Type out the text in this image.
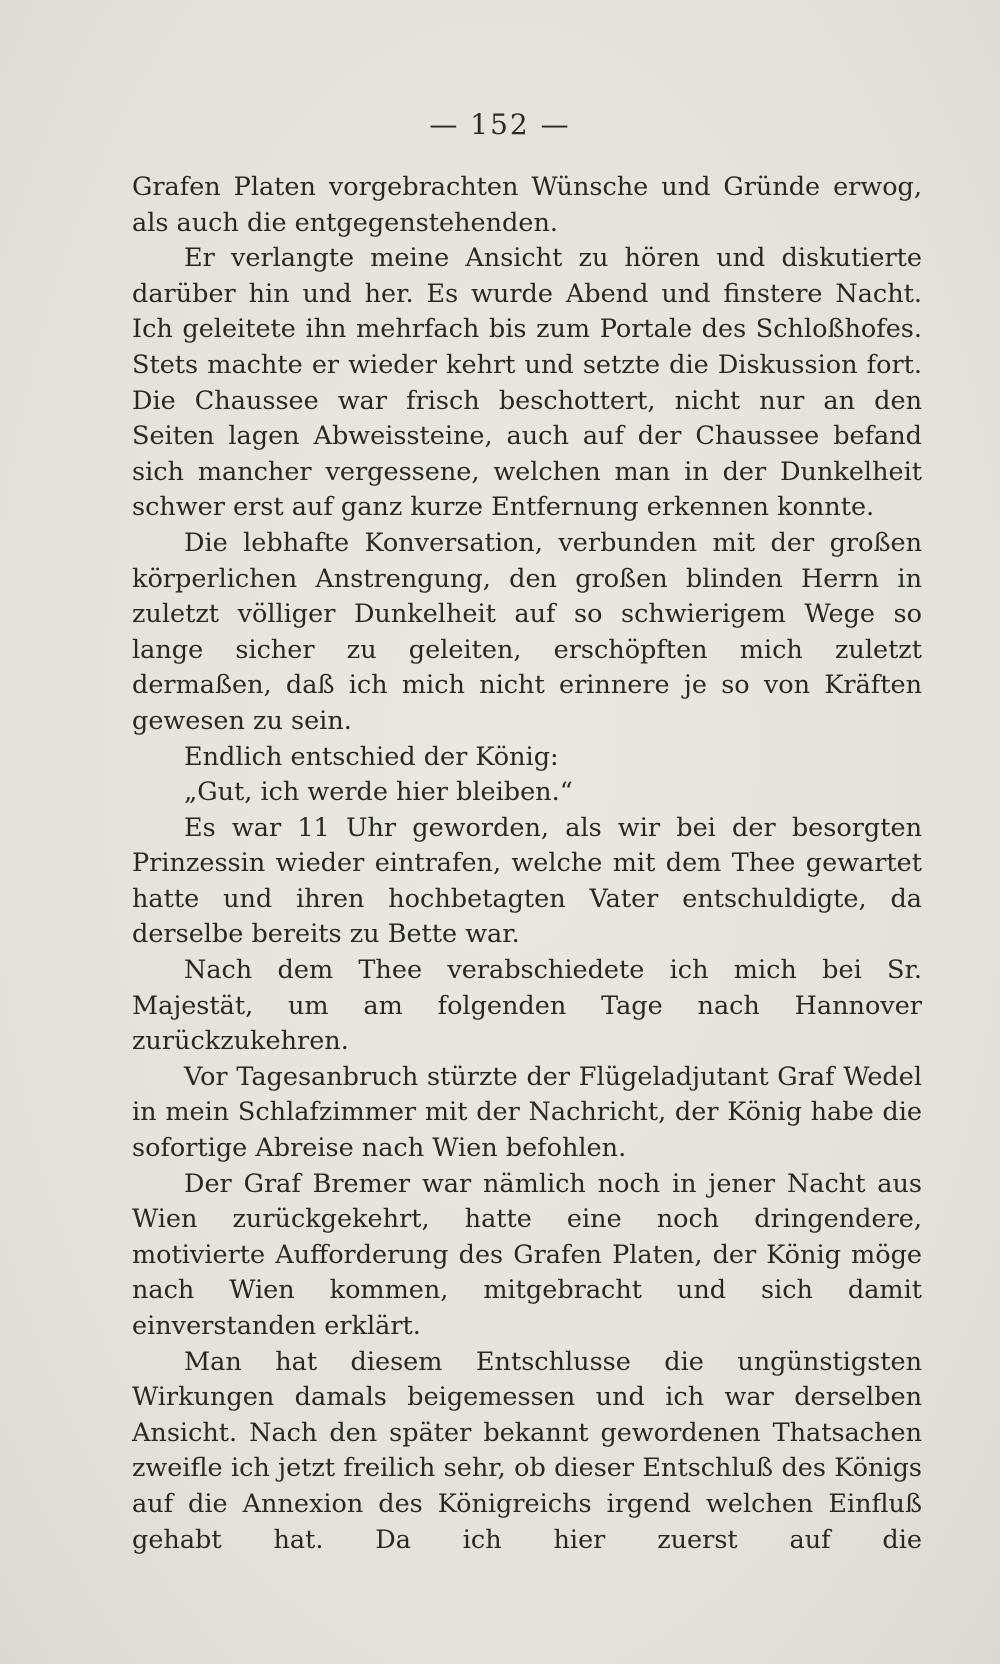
— 152 —

Grafen Platen vorgebrachten Wünsche und Gründe erwog, als auch die entgegenstehenden.

Er verlangte meine Ansicht zu hören und diskutierte darüber hin und her. Es wurde Abend und finstere Nacht. Ich geleitete ihn mehrfach bis zum Portale des Schloßhofes. Stets machte er wieder kehrt und setzte die Diskussion fort. Die Chaussee war frisch beschottert, nicht nur an den Seiten lagen Abweissteine, auch auf der Chaussee befand sich mancher vergessene, welchen man in der Dunkelheit schwer erst auf ganz kurze Entfernung erkennen konnte.

Die lebhafte Konversation, verbunden mit der großen körperlichen Anstrengung, den großen blinden Herrn in zuletzt völliger Dunkelheit auf so schwierigem Wege so lange sicher zu geleiten, erschöpften mich zuletzt dermaßen, daß ich mich nicht erinnere je so von Kräften gewesen zu sein.

Endlich entschied der König:

„Gut, ich werde hier bleiben.“

Es war 11 Uhr geworden, als wir bei der besorgten Prinzessin wieder eintrafen, welche mit dem Thee gewartet hatte und ihren hochbetagten Vater entschuldigte, da derselbe bereits zu Bette war.

Nach dem Thee verabschiedete ich mich bei Sr. Majestät, um am folgenden Tage nach Hannover zurückzukehren.

Vor Tagesanbruch stürzte der Flügeladjutant Graf Wedel in mein Schlafzimmer mit der Nachricht, der König habe die sofortige Abreise nach Wien befohlen.

Der Graf Bremer war nämlich noch in jener Nacht aus Wien zurückgekehrt, hatte eine noch dringendere, motivierte Aufforderung des Grafen Platen, der König möge nach Wien kommen, mitgebracht und sich damit einverstanden erklärt.

Man hat diesem Entschlusse die ungünstigsten Wirkungen damals beigemessen und ich war derselben Ansicht. Nach den später bekannt gewordenen Thatsachen zweifle ich jetzt freilich sehr, ob dieser Entschluß des Königs auf die Annexion des Königreichs irgend welchen Einfluß gehabt hat. Da ich hier zuerst auf die
